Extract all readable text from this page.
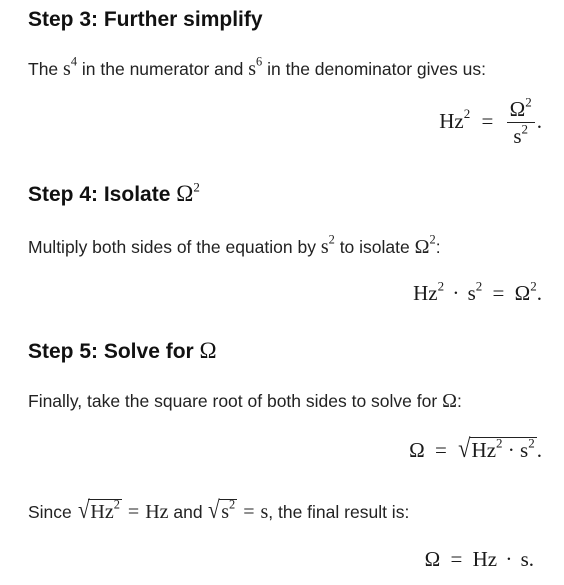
Step 3: Further simplify
The $s^4$ in the numerator and $s^6$ in the denominator gives us:
$Hz^2 = \frac{\Omega^2}{s^2}$ .
Step 4: Isolate $\Omega^2$
Multiply both sides of the equation by $s^2$ to isolate $\Omega^2$:
$Hz^2 \cdot s^2 = \Omega^2$.
Step 5: Solve for Ω
Finally, take the square root of both sides to solve for Ω:
$\Omega = √Hz^2 \cdot s^2$.
Since $√Hz^2 = Hz$ and $√s^2 = s$, the final result is:
Ω = Hz · s.
